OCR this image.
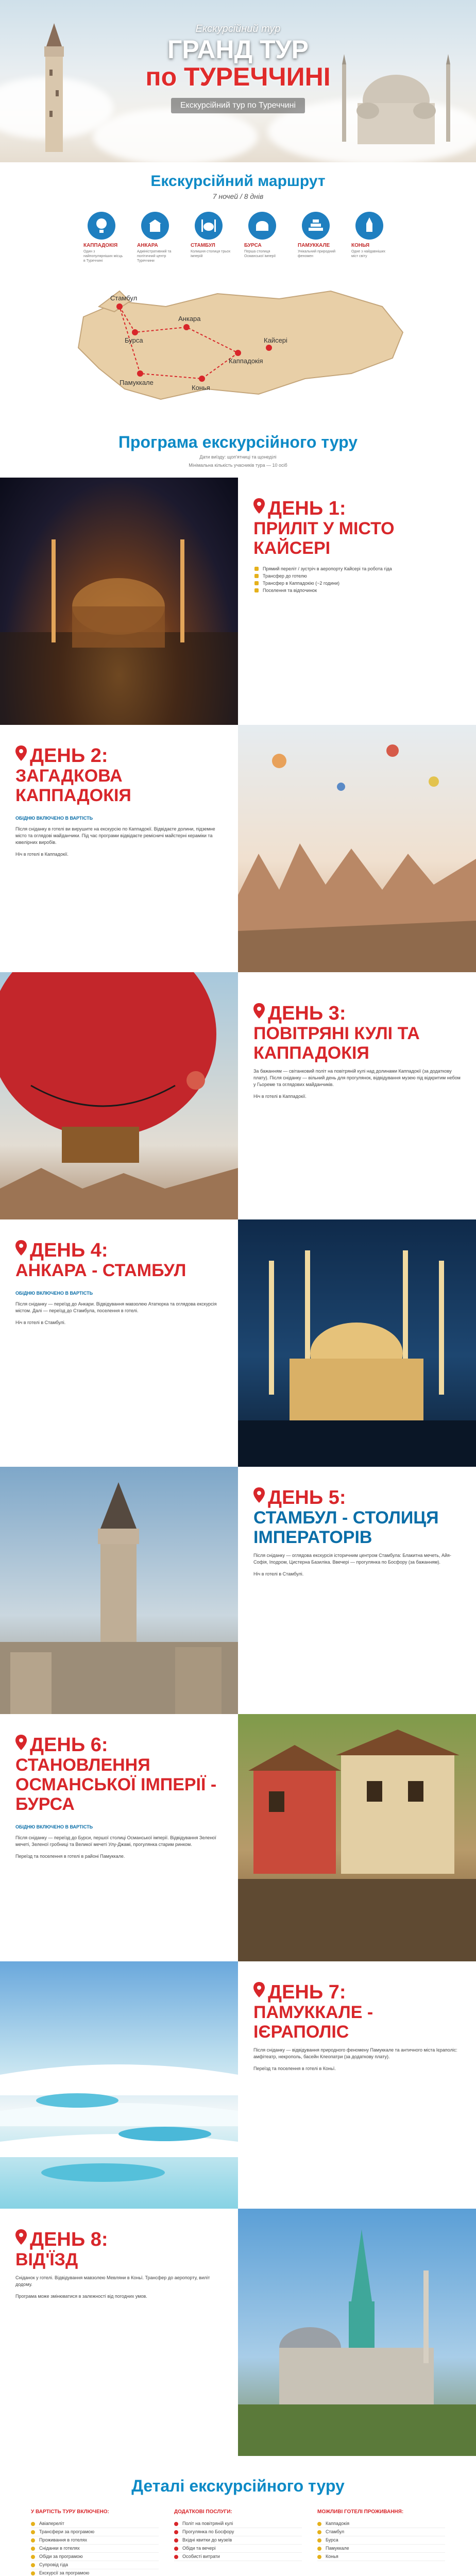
Екскурсійний тур
ГРАНД ТУР
по ТУРЕЧЧИНІ
Екскурсійний тур по Туреччині
Екскурсійний маршрут
7 ночей / 8 днів
КАППАДОКІЯ
Один з найпопулярніших місць в Туреччині
АНКАРА
Адміністративний та політичний центр Туреччини
СТАМБУЛ
Колишня столиця трьох імперій
БУРСА
Перша столиця Османської імперії
ПАМУККАЛЕ
Унікальний природний феномен
КОНЬЯ
Одне з найдавніших міст світу
Стамбул
Бурса
Анкара
Каппадокія
Памуккале
Конья
Кайсері
Програма екскурсійного туру
Дати виїзду: щоп'ятниці та щонеділі
Мінімальна кількість учасників тура — 10 осіб
ДЕНЬ 1:
ПРИЛІТ У МІСТО КАЙСЕРІ
Прямий переліт / зустріч в аеропорту Кайсері та робота гіда
Трансфер до готелю
Трансфер в Каппадокію (~2 години)
Поселення та відпочинок
ДЕНЬ 2:
ЗАГАДКОВА КАППАДОКІЯ
ОБІДНЮ ВКЛЮЧЕНО В ВАРТІСТЬ
Після сніданку в готелі ви вирушите на екскурсію по Каппадокії. Відвідаєте долини, підземне місто та оглядові майданчики. Під час програми відвідаєте ремісничі майстерні кераміки та ювелірних виробів.
Ніч в готелі в Каппадокії.
ДЕНЬ 3:
ПОВІТРЯНІ КУЛІ ТА КАППАДОКІЯ
За бажанням — світанковий політ на повітряній кулі над долинами Каппадокії (за додаткову плату). Після сніданку — вільний день для прогулянок, відвідування музею під відкритим небом у Гьореме та оглядових майданчиків.
Ніч в готелі в Каппадокії.
ДЕНЬ 4:
АНКАРА - СТАМБУЛ
ОБІДНЮ ВКЛЮЧЕНО В ВАРТІСТЬ
Після сніданку — переїзд до Анкари. Відвідування мавзолею Ататюрка та оглядова екскурсія містом. Далі — переїзд до Стамбула, поселення в готелі.
Ніч в готелі в Стамбулі.
ДЕНЬ 5:
СТАМБУЛ - СТОЛИЦЯ ІМПЕРАТОРІВ
Після сніданку — оглядова екскурсія історичним центром Стамбула: Блакитна мечеть, Айя-Софія, Іподром, Цистерна Базиліка. Ввечері — прогулянка по Босфору (за бажанням).
Ніч в готелі в Стамбулі.
ДЕНЬ 6:
СТАНОВЛЕННЯ ОСМАНСЬКОЇ ІМПЕРІЇ - БУРСА
ОБІДНЮ ВКЛЮЧЕНО В ВАРТІСТЬ
Після сніданку — переїзд до Бурси, першої столиці Османської імперії. Відвідування Зеленої мечеті, Зеленої гробниці та Великої мечеті Улу-Джамі, прогулянка старим ринком.
Переїзд та поселення в готелі в районі Памуккале.
ДЕНЬ 7:
ПАМУККАЛЕ - ІЄРАПОЛІС
Після сніданку — відвідування природного феномену Памуккале та античного міста Ієраполіс: амфітеатр, некрополь, басейн Клеопатри (за додаткову плату).
Переїзд та поселення в готелі в Коньї.
ДЕНЬ 8:
ВІД'ЇЗД
Сніданок у готелі. Відвідування мавзолею Мевляни в Коньї. Трансфер до аеропорту, виліт додому.
Програма може змінюватися в залежності від погодних умов.
Деталі екскурсійного туру
У ВАРТІСТЬ ТУРУ ВКЛЮЧЕНО:
Авіапереліт
Трансфери за програмою
Проживання в готелях
Сніданки в готелях
Обіди за програмою
Супровід гіда
Екскурсії за програмою
ДОДАТКОВІ ПОСЛУГИ:
Політ на повітряній кулі
Прогулянка по Босфору
Вхідні квитки до музеїв
Обіди та вечері
Особисті витрати
МОЖЛИВІ ГОТЕЛІ ПРОЖИВАННЯ:
Каппадокія
Стамбул
Бурса
Памуккале
Конья
